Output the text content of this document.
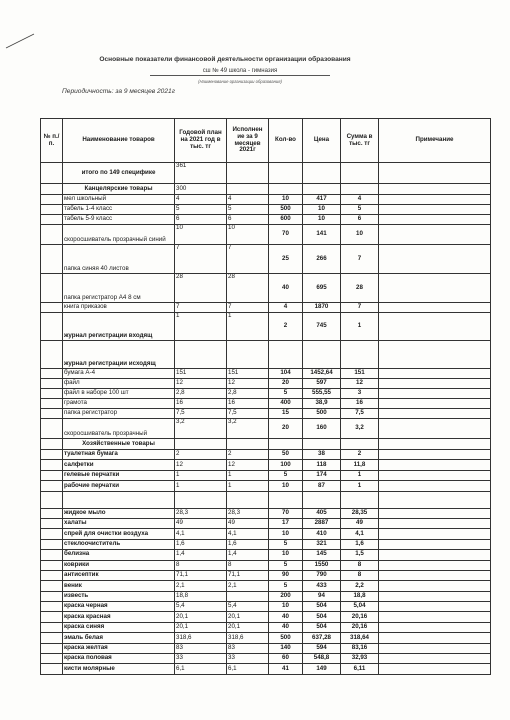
Основные показатели финансовой деятельности организации образования
сш № 49 школа - гимназия
(Наименование организации образования)
Периодичность: за 9 месяцев 2021г
№ п./п.	Наименование товаров	Годовой план на 2021 год в тыс. тг	Исполнен ие за 9 месяцев 2021г	Кол-во	Цена	Сумма в тыс. тг	Примечание
	итого по 149 специфике	361					
	Канцелярские товары	300					
	мел школьный	4	4	10	417	4	
	табель 1-4 класс	5	5	500	10	5	
	табель 5-9 класс	6	6	600	10	6	
	скоросшиватель прозрачный синий	10	10	70	141	10	
	папка синяя 40 листов	7	7	25	266	7	
	папка регистратор А4 8 см	28	28	40	695	28	
	книга приказов	7	7	4	1870	7	
	журнал регистрации входящ	1	1	2	745	1	
	журнал регистрации исходящ						
	бумага А-4	151	151	104	1452,64	151	
	файл	12	12	20	597	12	
	файл в наборе 100 шт	2,8	2,8	5	555,55	3	
	грамота	16	16	400	38,9	16	
	папка регистратор	7,5	7,5	15	500	7,5	
	скоросшиватель прозрачный	3,2	3,2	20	160	3,2	
	Хозяйственные товары						
	туалетная бумага	2	2	50	38	2	
	салфетки	12	12	100	118	11,8	
	гелевые перчатки	1	1	5	174	1	
	рабочие перчатки	1	1	10	87	1	

	жидкое мыло	28,3	28,3	70	405	28,35	
	халаты	49	49	17	2887	49	
	спрей для очистки воздуха	4,1	4,1	10	410	4,1	
	стеклоочиститель	1,6	1,6	5	321	1,6	
	белизна	1,4	1,4	10	145	1,5	
	коврики	8	8	5	1550	8	
	антисептик	71,1	71,1	90	790	8	
	веник	2,1	2,1	5	433	2,2	
	известь	18,8		200	94	18,8	
	краска черная	5,4	5,4	10	504	5,04	
	краска красная	20,1	20,1	40	504	20,16	
	краска синяя	20,1	20,1	40	504	20,16	
	эмаль белая	318,6	318,6	500	637,28	318,64	
	краска желтая	83	83	140	594	83,16	
	краска половая	33	33	60	548,8	32,93	
	кисти молярные	6,1	6,1	41	149	6,11	
